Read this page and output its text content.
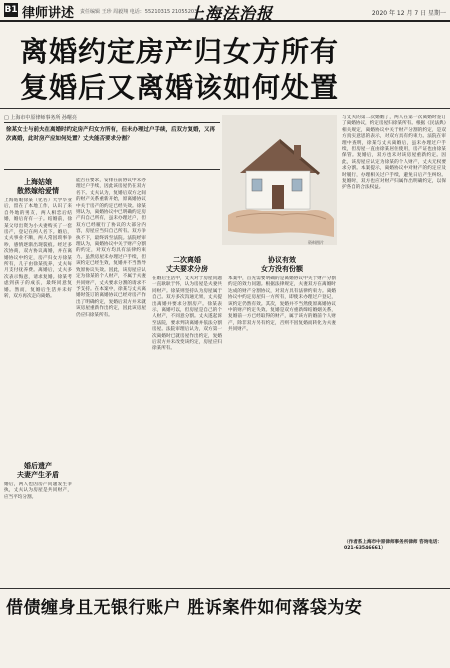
B1 律师讲述 责任编辑 王珍 周毅翔 电话：55210315 21055203
上海法治报	2020 年 12 月 7 日 星期一
离婚约定房产归女方所有
复婚后又离婚该如何处置
□ 上海市中原律师事务所 孙曙亮

徐某女士与前夫在离婚时约定房产归女方所有，但未办理过户手续，后双方复婚，又再次离婚，此时房产应如何处置？丈夫能否要求分割？

上海姑娘
散然嫁给爱情
上海姑娘徐某（化名）大学毕业后，留在了本地工作，认识了来自外地的男友，两人相恋后结婚，婚后育有一子。结婚前，徐某父母出资为小夫妻购买了一套房产，登记在两人名下。婚后，丈夫事业不顺，两人常因琐事争吵，感情逐渐出现裂痕。经过多次协商，双方协议离婚，并在离婚协议中约定，房产归女方徐某所有，儿子由徐某抚养，丈夫每月支付抚养费。离婚后，丈夫多次表示悔意，请求复婚。徐某考虑到孩子的成长，最终同意复婚。然而，复婚后生活并未好转，双方再次走向离婚。
婚后遗产
夫妻产生矛盾
婚后，两人也因房产问题发生争执，丈夫认为房屋是共同财产，应当平均分割。
能否在要求，安排在前协议中未办理过户手续，因此该房屋仍在双方名下。丈夫认为，复婚后双方之间的财产关系重新开始，原离婚协议中关于房产的约定已经失效。徐某则认为，离婚协议中已明确约定房产归自己所有，虽未办理过户，但双方已经履行了协议的大部分内容，房屋应当归自己所有。双方争执不下，最终诉至法院。法院经审理认为，离婚协议中关于财产分割的约定，对双方均具有法律约束力。虽然房屋未办理过户手续，但该约定已经生效，复婚并不当然导致原协议失效。因此，该房屋应认定为徐某的个人财产，不属于夫妻共同财产，丈夫要求分割的请求不予支持。在本案中，徐某与丈夫离婚时签订的离婚协议已经对房产作出了明确约定，复婚后双方并未就该房屋重新作出约定，因此该房屋仍应归徐某所有。
资料图片
二次离婚
丈夫要求分房
在婚后生活中，丈夫对于房屋问题一直耿耿于怀，认为房屋是夫妻共同财产。徐某则坚持认为房屋属于自己。双方多次沟通无果，丈夫提出离婚并要求分割房产。徐某表示，离婚可以，但房屋是自己的个人财产，不同意分割。丈夫遂起诉至法院，要求判决离婚并依法分割房屋。法院审理后认为，双方第一次离婚时已就房屋作出约定，复婚后双方并未改变该约定，房屋应归徐某所有。
协议有效
女方没有份额
本案中，首先需要明确的是离婚协议中关于财产分割约定的效力问题。根据法律规定，夫妻双方在离婚时达成的财产分割协议，对双方具有法律约束力。离婚协议中约定房屋归一方所有，即使未办理过户登记，该约定仍然有效。其次，复婚并不当然使原离婚协议中的财产约定失效。复婚是双方重新缔结婚姻关系，复婚前一方已经取得的财产，属于该方的婚前个人财产，除非双方另有约定，否则不因复婚而转化为夫妻共同财产。
与丈夫的第二次婚姻了，两人在第一次离婚时签订了离婚协议，约定房屋归徐某所有。根据《民法典》相关规定，离婚协议中关于财产分割的约定，是双方真实意思的表示，对双方具有约束力。法院在审理中查明，徐某与丈夫离婚后，虽未办理过户手续，但房屋一直由徐某居住使用，房产证也由徐某保管。复婚后，双方也未对该房屋重新约定。因此，该房屋应认定为徐某的个人财产，丈夫无权要求分割。本案提示，离婚协议中对财产的约定应及时履行，办理相关过户手续，避免日后产生纠纷。复婚时，双方也应对财产归属作出明确约定，以保护各自的合法权益。
（作者系上海市中原律师事务所律师 咨询电话：021-63546661）
借债缠身且无银行账户 胜诉案件如何落袋为安
